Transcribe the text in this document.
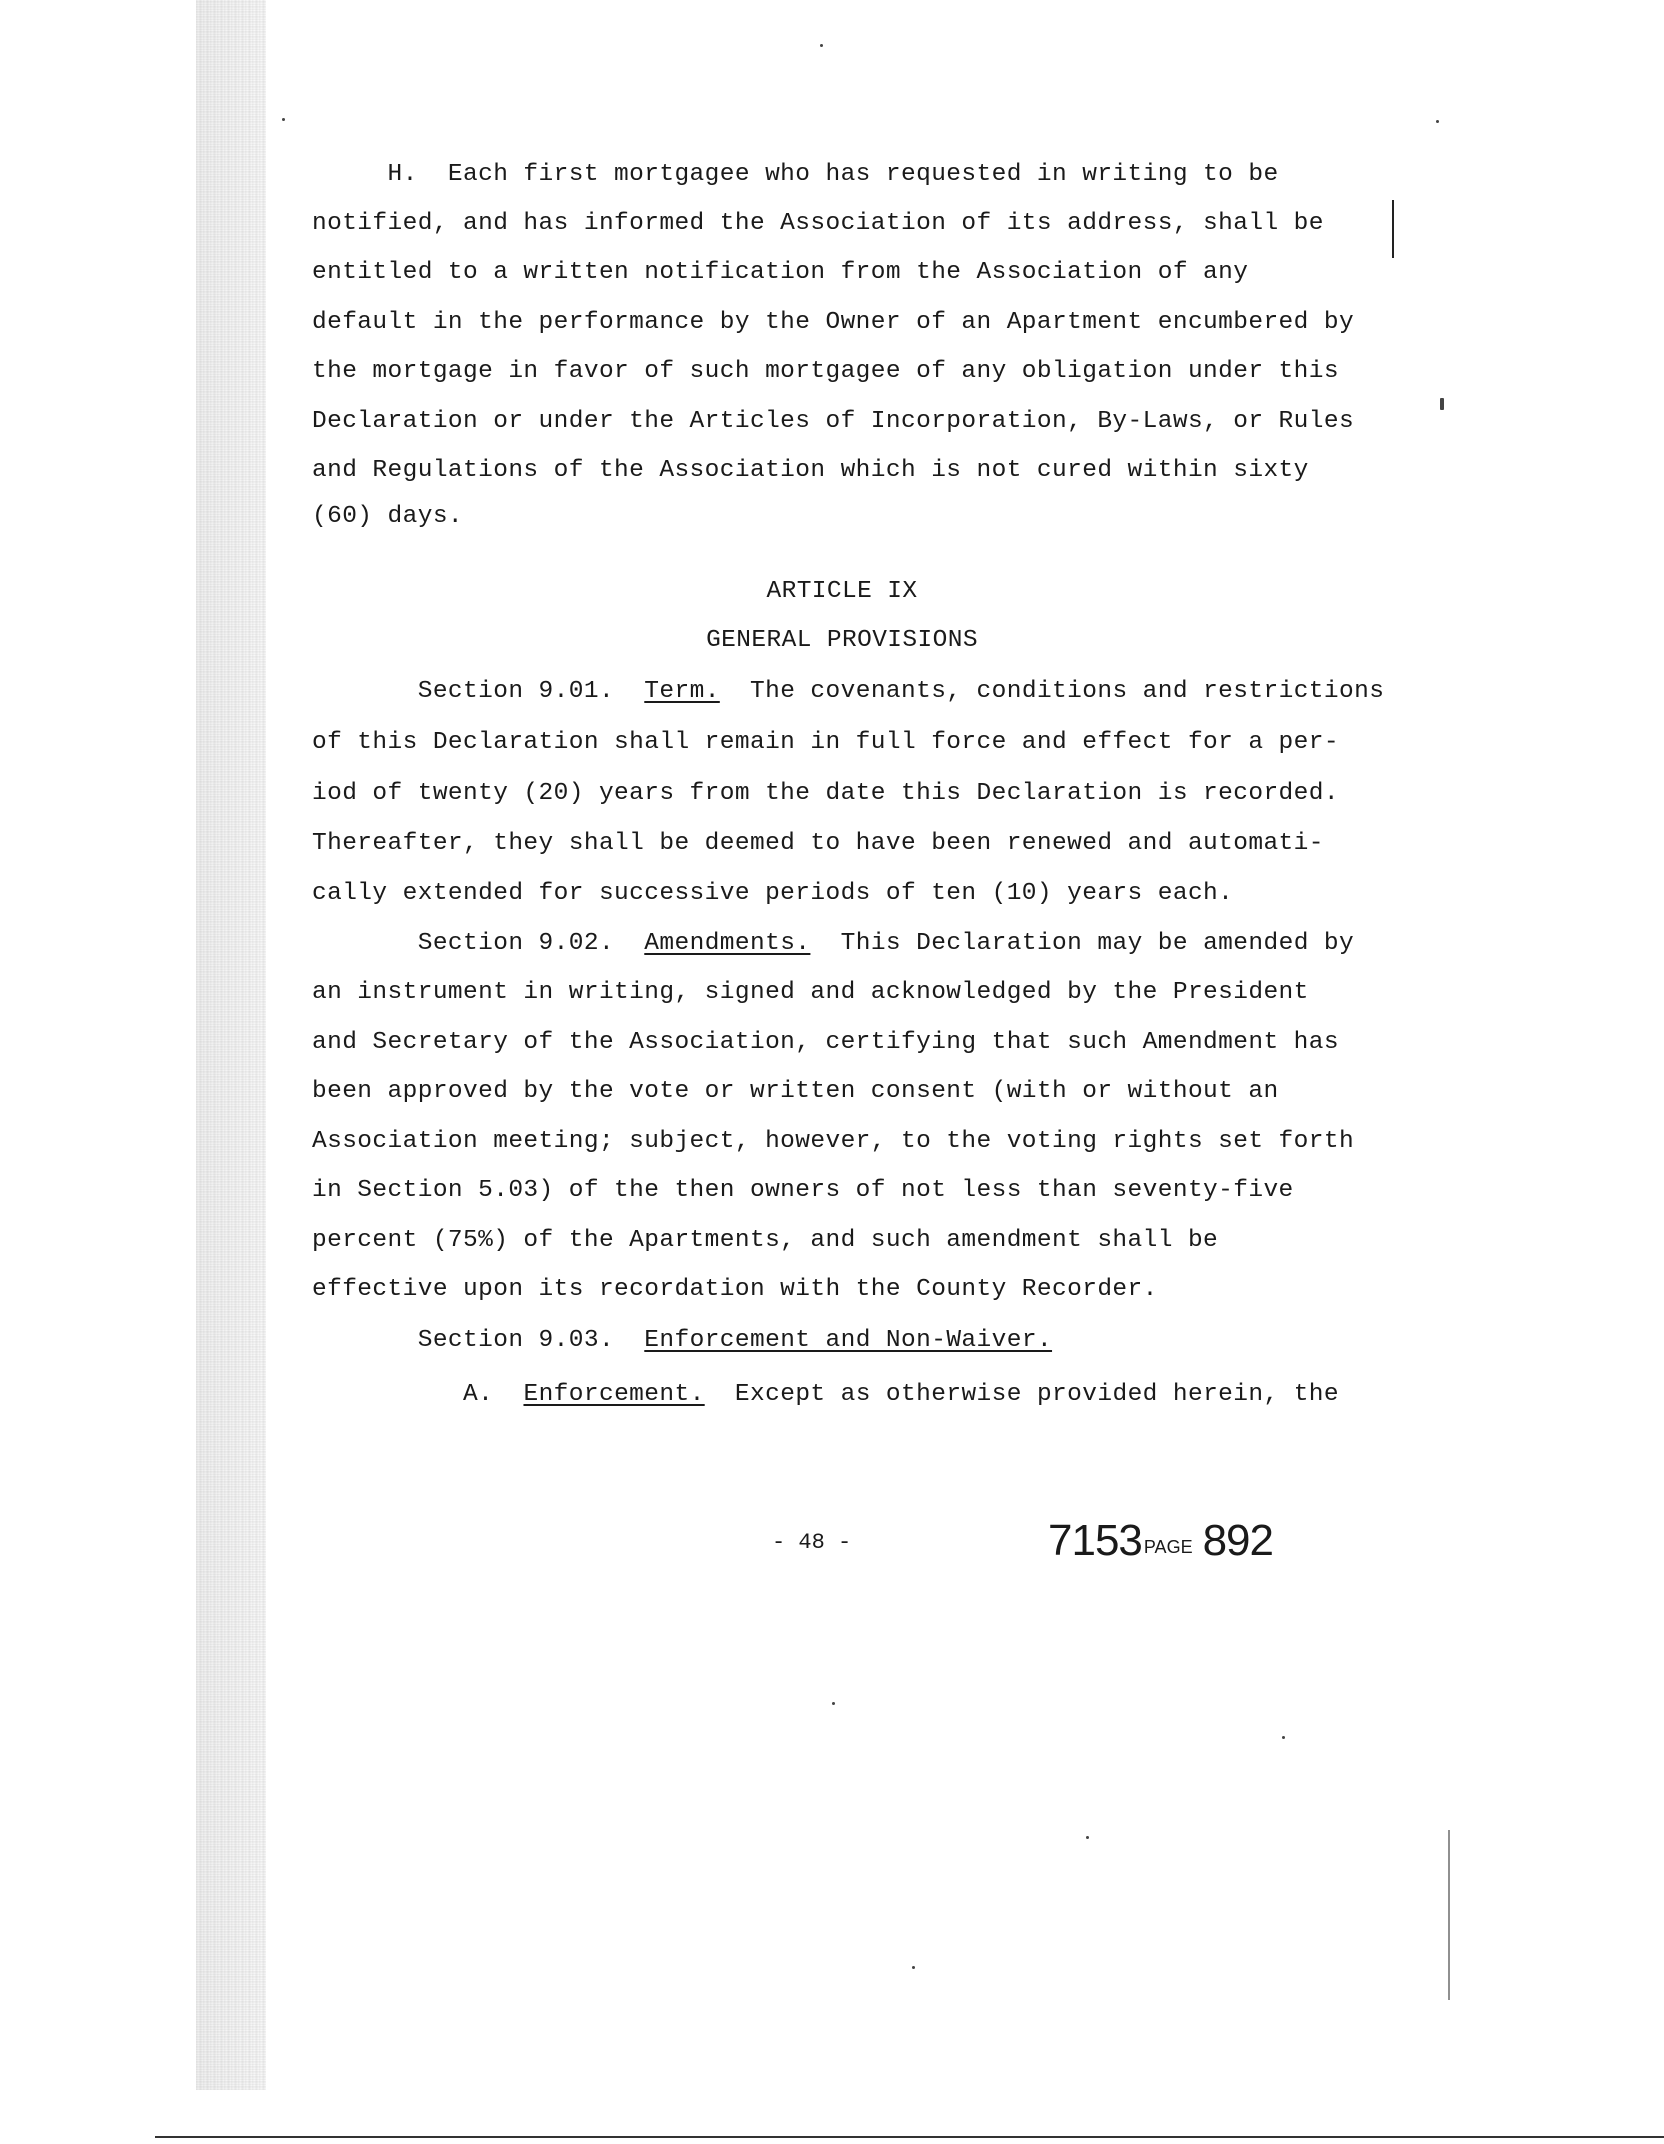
H.  Each first mortgagee who has requested in writing to be
notified, and has informed the Association of its address, shall be
entitled to a written notification from the Association of any
default in the performance by the Owner of an Apartment encumbered by
the mortgage in favor of such mortgagee of any obligation under this
Declaration or under the Articles of Incorporation, By-Laws, or Rules
and Regulations of the Association which is not cured within sixty
(60) days.
ARTICLE IX
GENERAL PROVISIONS
Section 9.01. Term.  The covenants, conditions and restrictions
of this Declaration shall remain in full force and effect for a per-
iod of twenty (20) years from the date this Declaration is recorded.
Thereafter, they shall be deemed to have been renewed and automati-
cally extended for successive periods of ten (10) years each.
Section 9.02. Amendments.  This Declaration may be amended by
an instrument in writing, signed and acknowledged by the President
and Secretary of the Association, certifying that such Amendment has
been approved by the vote or written consent (with or without an
Association meeting; subject, however, to the voting rights set forth
in Section 5.03) of the then owners of not less than seventy-five
percent (75%) of the Apartments, and such amendment shall be
effective upon its recordation with the County Recorder.
Section 9.03. Enforcement and Non-Waiver.
A. Enforcement.  Except as otherwise provided herein, the
- 48 -	7153 PAGE 892
